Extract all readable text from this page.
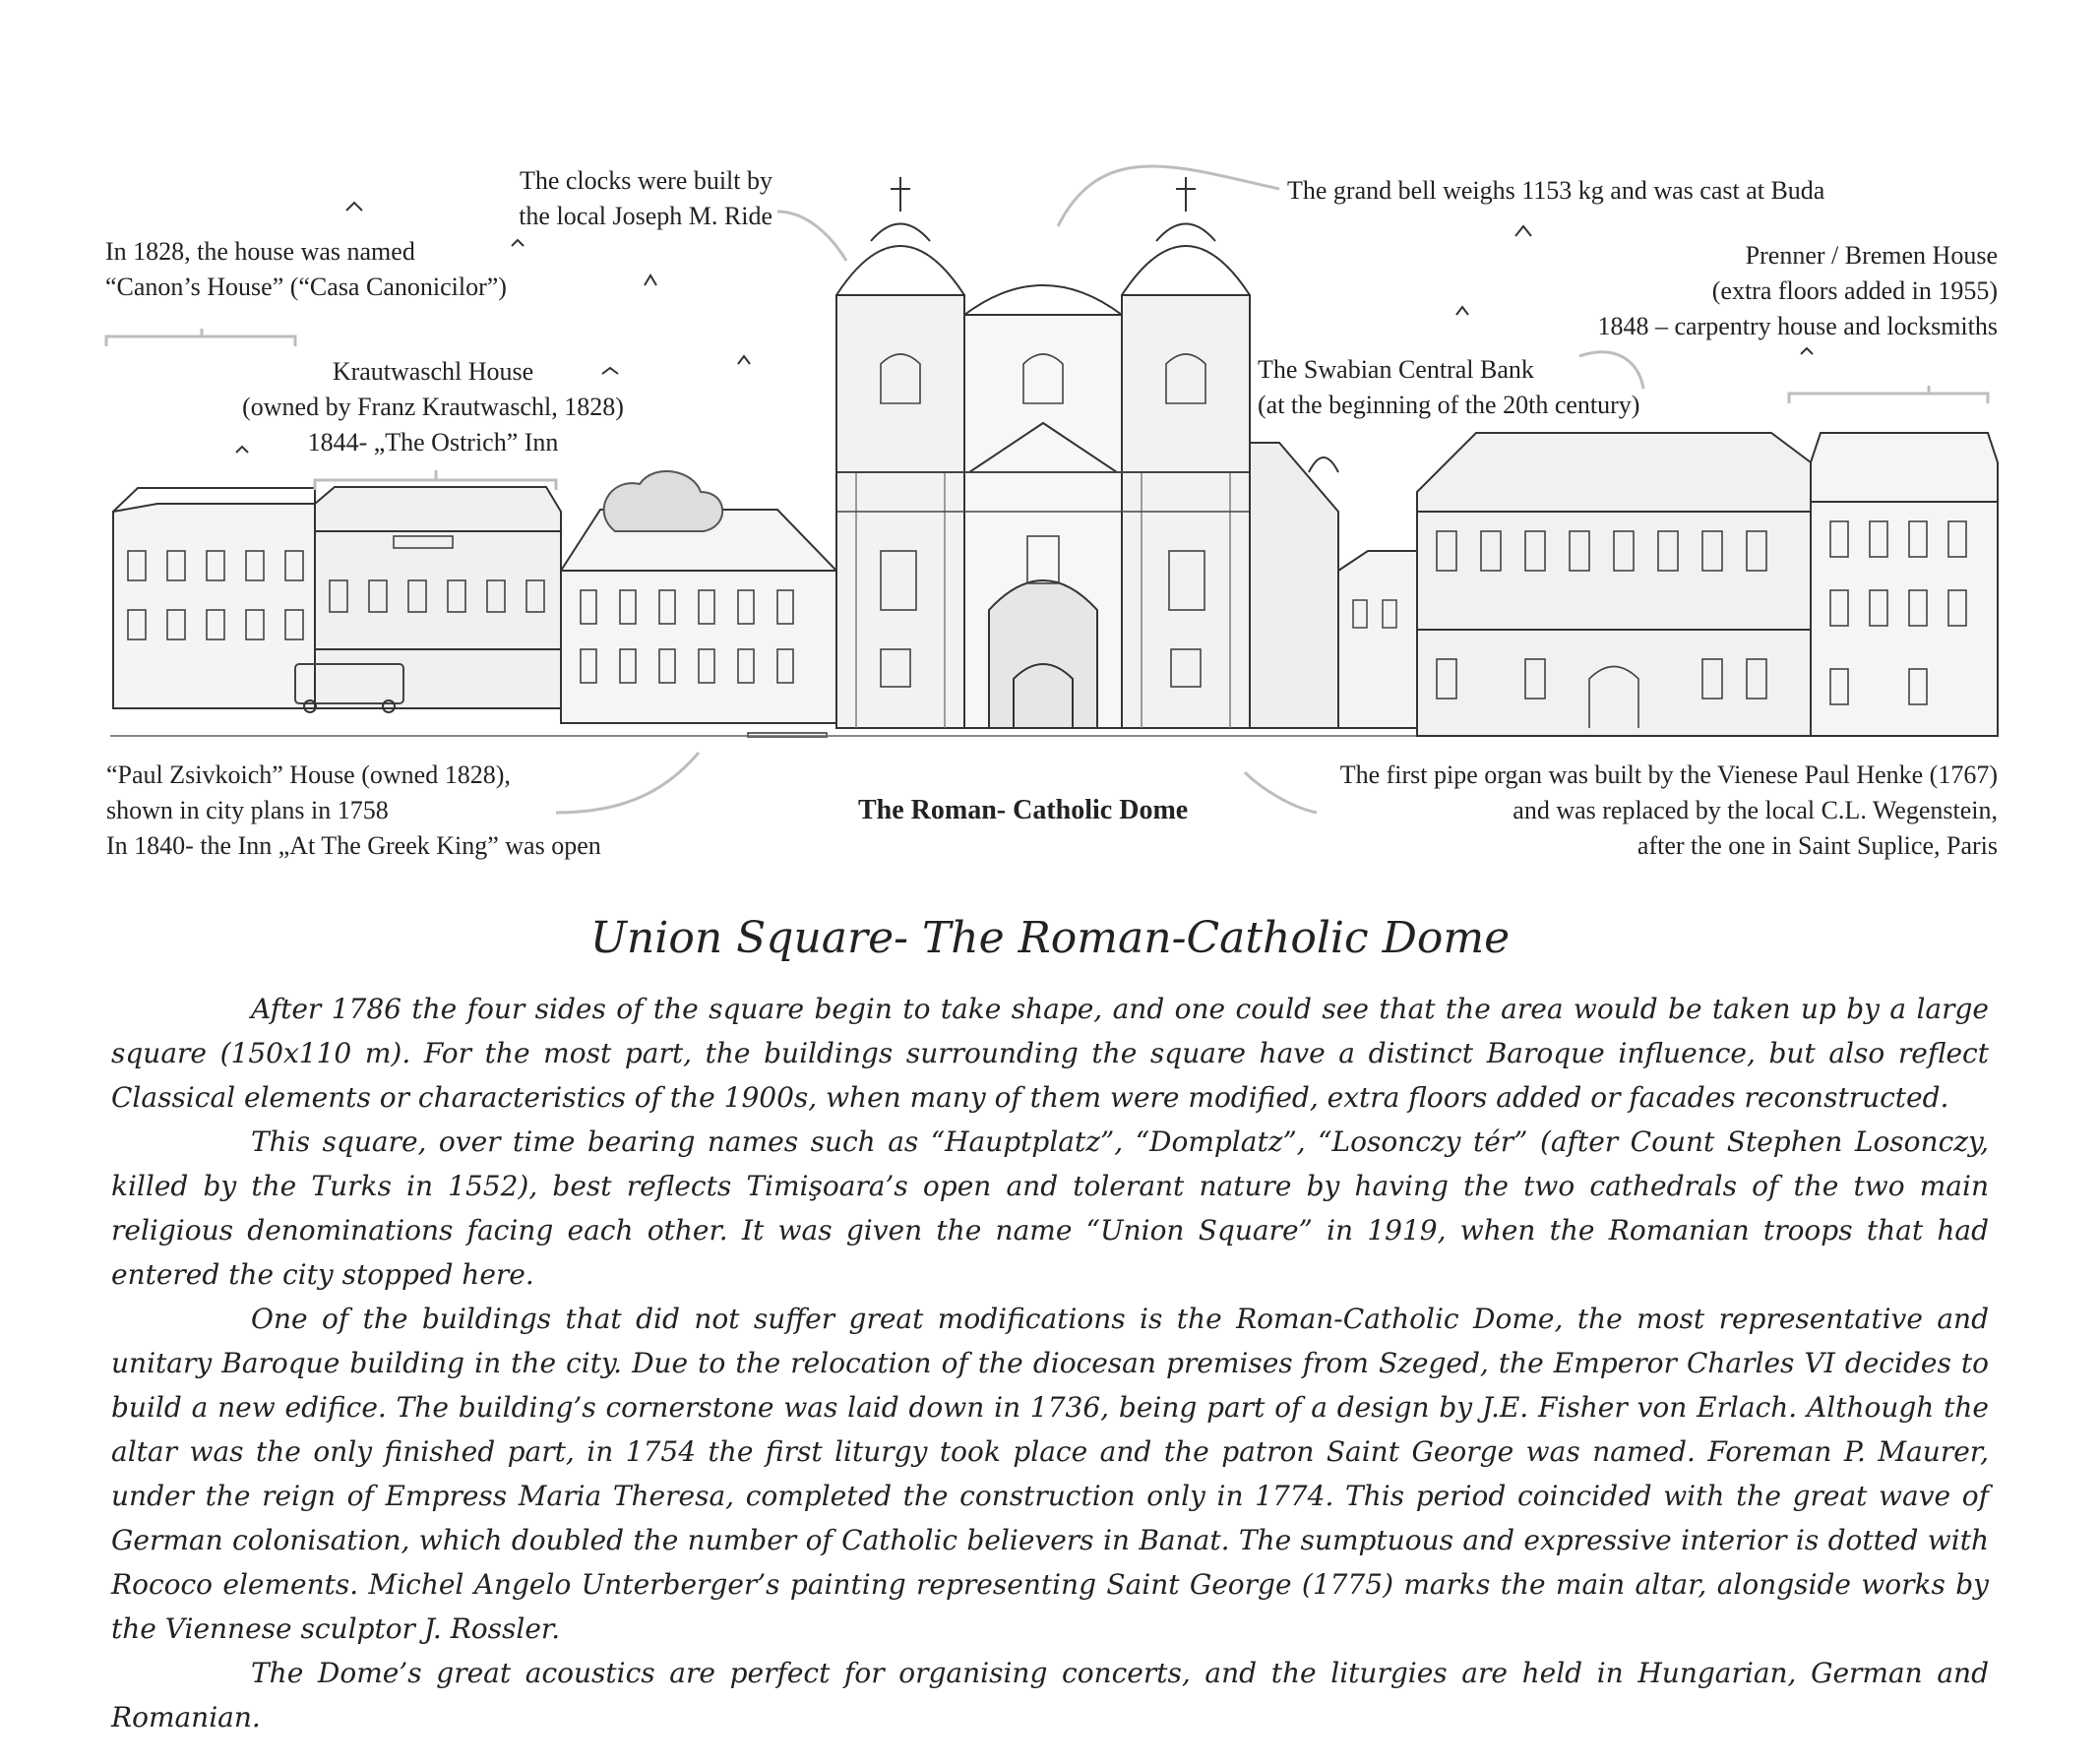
The clocks were built by
the local Joseph M. Ride
The grand bell weighs 1153 kg and was cast at Buda
In 1828, the house was named
“Canon’s House” (“Casa Canonicilor”)
Prenner / Bremen House
(extra floors added in 1955)
1848 – carpentry house and locksmiths
Krautwaschl House
(owned by Franz Krautwaschl, 1828)
1844- „The Ostrich” Inn
The Swabian Central Bank
(at the beginning of the 20th century)
“Paul Zsivkoich” House (owned 1828),
shown in city plans in 1758
In 1840- the Inn „At The Greek King” was open
The Roman- Catholic Dome
The first pipe organ was built by the Vienese Paul Henke (1767)
and was replaced by the local C.L. Wegenstein,
after the one in Saint Suplice, Paris
Union Square- The Roman-Catholic Dome

After 1786 the four sides of the square begin to take shape, and one could see that the area would be taken up by a large square (150x110 m). For the most part, the buildings surrounding the square have a distinct Baroque influence, but also reflect Classical elements or characteristics of the 1900s, when many of them were modified, extra floors added or facades reconstructed.

This square, over time bearing names such as “Hauptplatz”, “Domplatz”, “Losonczy tér” (after Count Stephen Losonczy, killed by the Turks in 1552), best reflects Timişoara’s open and tolerant nature by having the two cathedrals of the two main religious denominations facing each other. It was given the name “Union Square” in 1919, when the Romanian troops that had entered the city stopped here.

One of the buildings that did not suffer great modifications is the Roman-Catholic Dome, the most representative and unitary Baroque building in the city. Due to the relocation of the diocesan premises from Szeged, the Emperor Charles VI decides to build a new edifice. The building’s cornerstone was laid down in 1736, being part of a design by J.E. Fisher von Erlach. Although the altar was the only finished part, in 1754 the first liturgy took place and the patron Saint George was named. Foreman P. Maurer, under the reign of Empress Maria Theresa, completed the construction only in 1774. This period coincided with the great wave of German colonisation, which doubled the number of Catholic believers in Banat. The sumptuous and expressive interior is dotted with Rococo elements. Michel Angelo Unterberger’s painting representing Saint George (1775) marks the main altar, alongside works by the Viennese sculptor J. Rossler.

The Dome’s great acoustics are perfect for organising concerts, and the liturgies are held in Hungarian, German and Romanian.
